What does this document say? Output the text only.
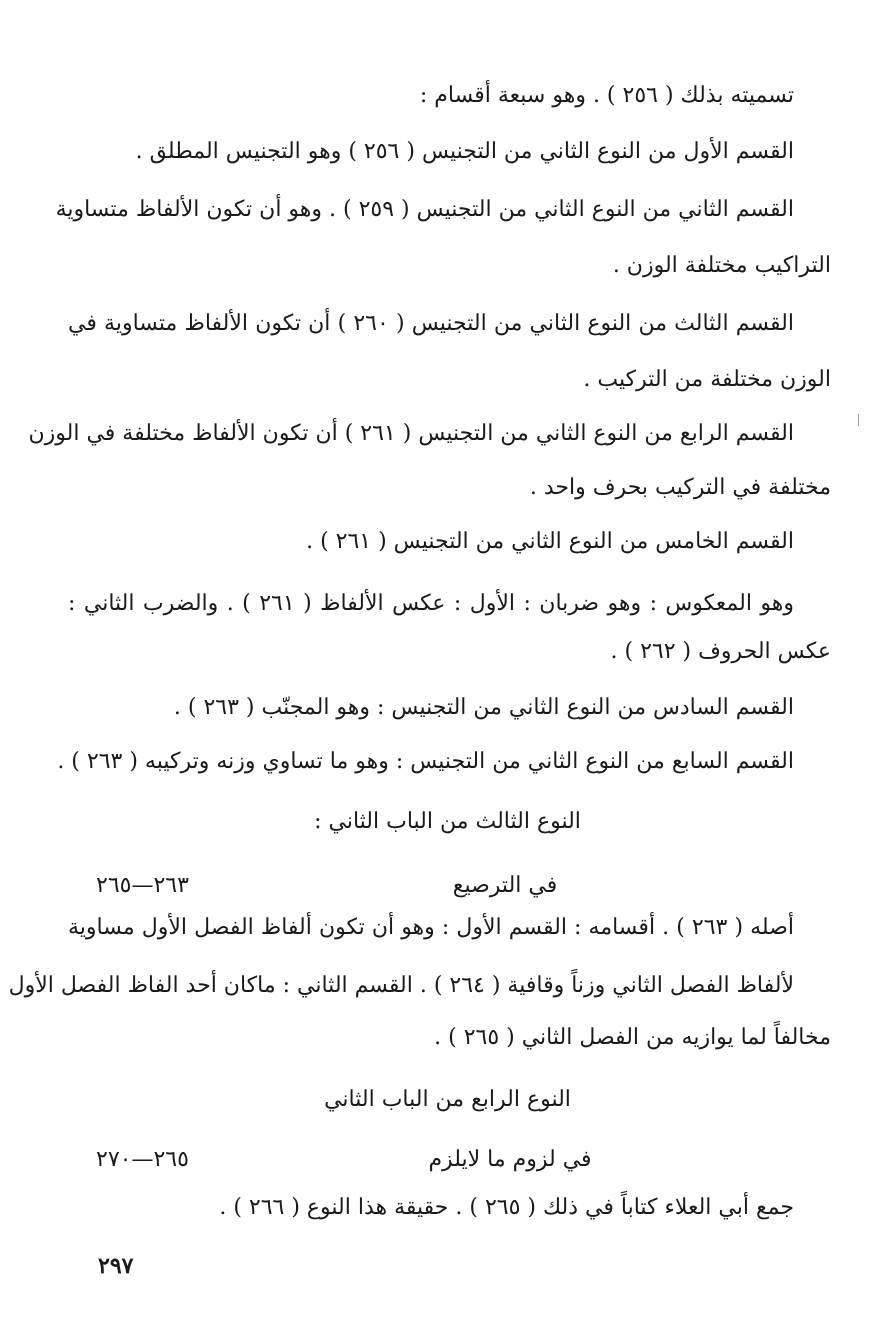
تسميته بذلك ( ٢٥٦ ) . وهو سبعة أقسام :
القسم الأول من النوع الثاني من التجنيس ( ٢٥٦ ) وهو التجنيس المطلق .
القسم الثاني من النوع الثاني من التجنيس ( ٢٥٩ ) . وهو أن تكون الألفاظ متساوية
التراكيب مختلفة الوزن .
القسم الثالث من النوع الثاني من التجنيس ( ٢٦٠ ) أن تكون الألفاظ متساوية في
الوزن مختلفة من التركيب .
القسم الرابع من النوع الثاني من التجنيس ( ٢٦١ ) أن تكون الألفاظ مختلفة في الوزن
مختلفة في التركيب بحرف واحد .
القسم الخامس من النوع الثاني من التجنيس ( ٢٦١ ) .
وهو المعكوس : وهو ضربان : الأول : عكس الألفاظ ( ٢٦١ ) . والضرب الثاني :
عكس الحروف ( ٢٦٢ ) .
القسم السادس من النوع الثاني من التجنيس : وهو المجنّب ( ٢٦٣ ) .
القسم السابع من النوع الثاني من التجنيس : وهو ما تساوي وزنه وتركيبه ( ٢٦٣ ) .
النوع الثالث من الباب الثاني :
في الترصيع
٢٦٣—٢٦٥
أصله ( ٢٦٣ ) . أقسامه : القسم الأول : وهو أن تكون ألفاظ الفصل الأول مساوية
لألفاظ الفصل الثاني وزناً وقافية ( ٢٦٤ ) . القسم الثاني : ماكان أحد الفاظ الفصل الأول
مخالفاً لما يوازيه من الفصل الثاني ( ٢٦٥ ) .
النوع الرابع من الباب الثاني
في لزوم ما لايلزم
٢٦٥—٢٧٠
جمع أبي العلاء كتاباً في ذلك ( ٢٦٥ ) . حقيقة هذا النوع ( ٢٦٦ ) .
٢٩٧
